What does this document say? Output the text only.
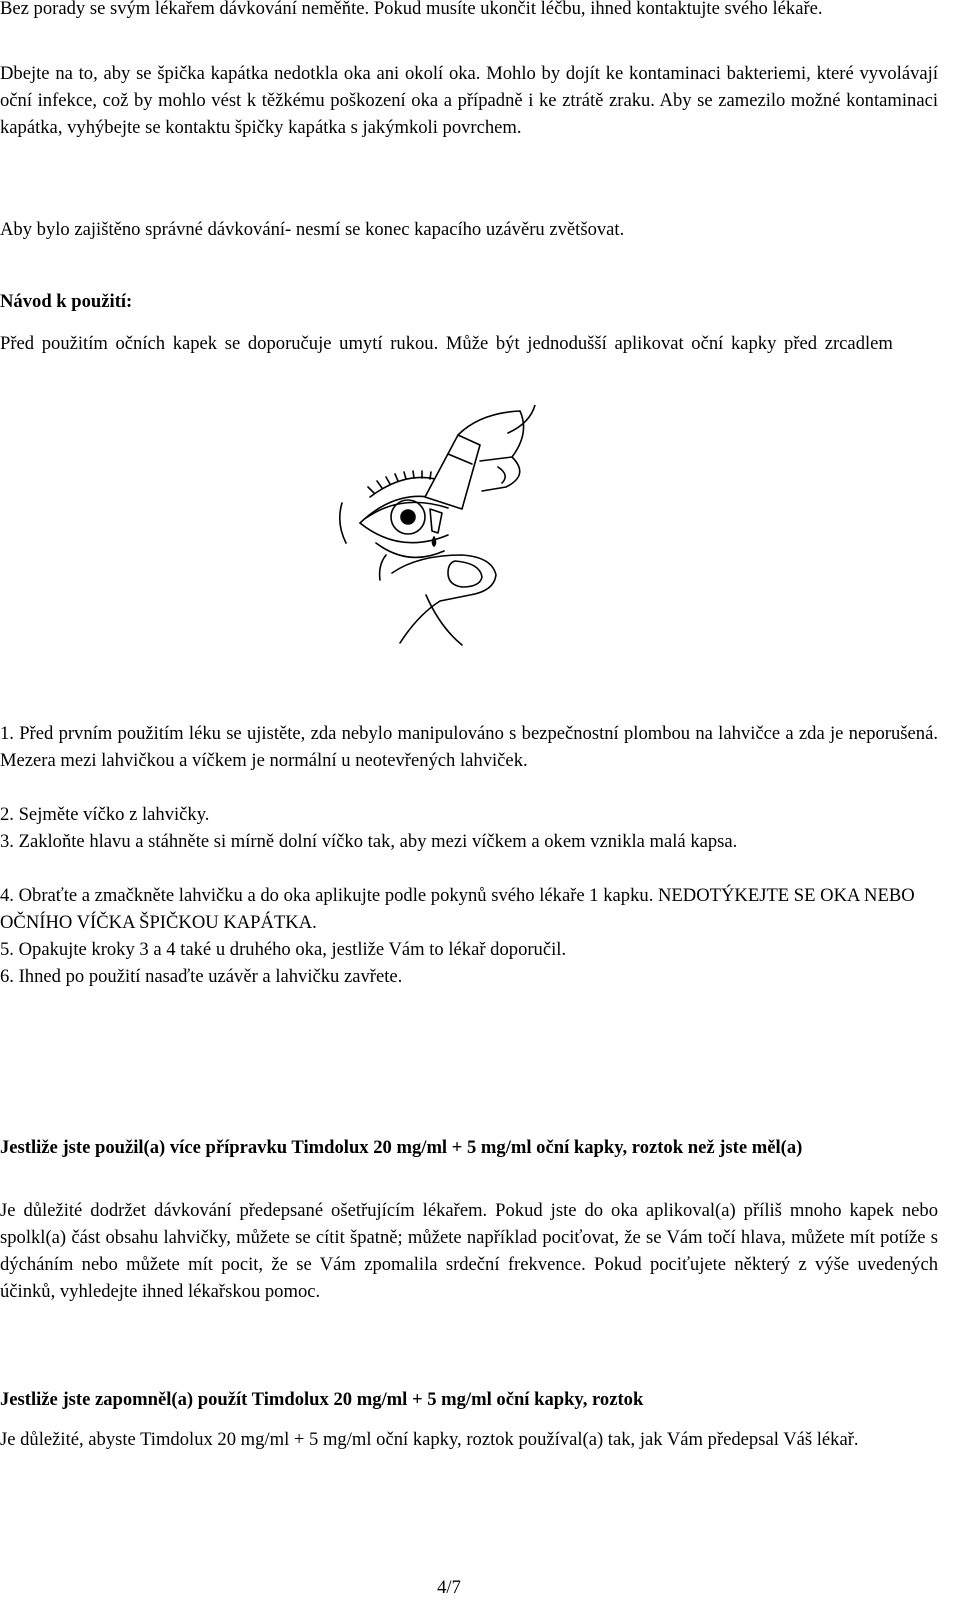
Bez porady se svým lékařem dávkování neměňte. Pokud musíte ukončit léčbu, ihned kontaktujte svého lékaře.

Dbejte na to, aby se špička kapátka nedotkla oka ani okolí oka. Mohlo by dojít ke kontaminaci bakteriemi, které vyvolávají oční infekce, což by mohlo vést k těžkému poškození oka a případně i ke ztrátě zraku. Aby se zamezilo možné kontaminaci kapátka, vyhýbejte se kontaktu špičky kapátka s jakýmkoli povrchem.

Aby bylo zajištěno správné dávkování- nesmí se konec kapacího uzávěru zvětšovat.

Návod k použití:

Před použitím očních kapek se doporučuje umytí rukou. Může být jednodušší aplikovat oční kapky před zrcadlem

1. Před prvním použitím léku se ujistěte, zda nebylo manipulováno s bezpečnostní plombou na lahvičce a zda je neporušená. Mezera mezi lahvičkou a víčkem je normální u neotevřených lahviček.
2. Sejměte víčko z lahvičky.
3. Zakloňte hlavu a stáhněte si mírně dolní víčko tak, aby mezi víčkem a okem vznikla malá kapsa.
4. Obraťte a zmačkněte lahvičku a do oka aplikujte podle pokynů svého lékaře 1 kapku. NEDOTÝKEJTE SE OKA NEBO OČNÍHO VÍČKA ŠPIČKOU KAPÁTKA.
5. Opakujte kroky 3 a 4 také u druhého oka, jestliže Vám to lékař doporučil.
6. Ihned po použití nasaďte uzávěr a lahvičku zavřete.

Jestliže jste použil(a) více přípravku Timdolux 20 mg/ml + 5 mg/ml oční kapky, roztok než jste měl(a)

Je důležité dodržet dávkování předepsané ošetřujícím lékařem. Pokud jste do oka aplikoval(a) příliš mnoho kapek nebo spolkl(a) část obsahu lahvičky, můžete se cítit špatně; můžete například pociťovat, že se Vám točí hlava, můžete mít potíže s dýcháním nebo můžete mít pocit, že se Vám zpomalila srdeční frekvence. Pokud pociťujete některý z výše uvedených účinků, vyhledejte ihned lékařskou pomoc.

Jestliže jste zapomněl(a) použít Timdolux 20 mg/ml + 5 mg/ml oční kapky, roztok

Je důležité, abyste Timdolux 20 mg/ml + 5 mg/ml oční kapky, roztok používal(a) tak, jak Vám předepsal Váš lékař.

4/7
